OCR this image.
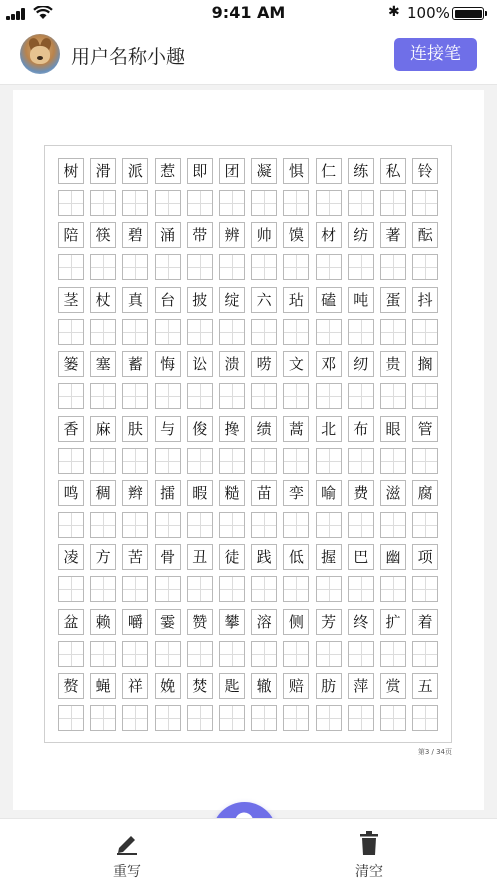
9:41 AM	✱ 100%
用户名称小趣	连接笔
树	滑	派	惹	即	团	凝	惧	仁	练	私	铃
陪	筷	碧	涌	带	辨	帅	馍	材	纺	著	酝
茎	杖	真	台	披	绽	六	玷	磕	吨	蛋	抖
篓	塞	蓄	悔	讼	溃	唠	文	邓	纫	贵	搁
香	麻	肤	与	俊	搀	绩	蒿	北	布	眼	管
鸣	稠	辫	擂	暇	糙	苗	孪	喻	费	滋	腐
凌	方	苦	骨	丑	徒	践	低	握	巴	幽	项
盆	赖	嚼	霎	赞	攀	溶	侧	芳	终	扩	着
赘	蝇	祥	娩	焚	匙	辙	赔	肪	萍	赏	五
第3 / 34页
重写	清空
